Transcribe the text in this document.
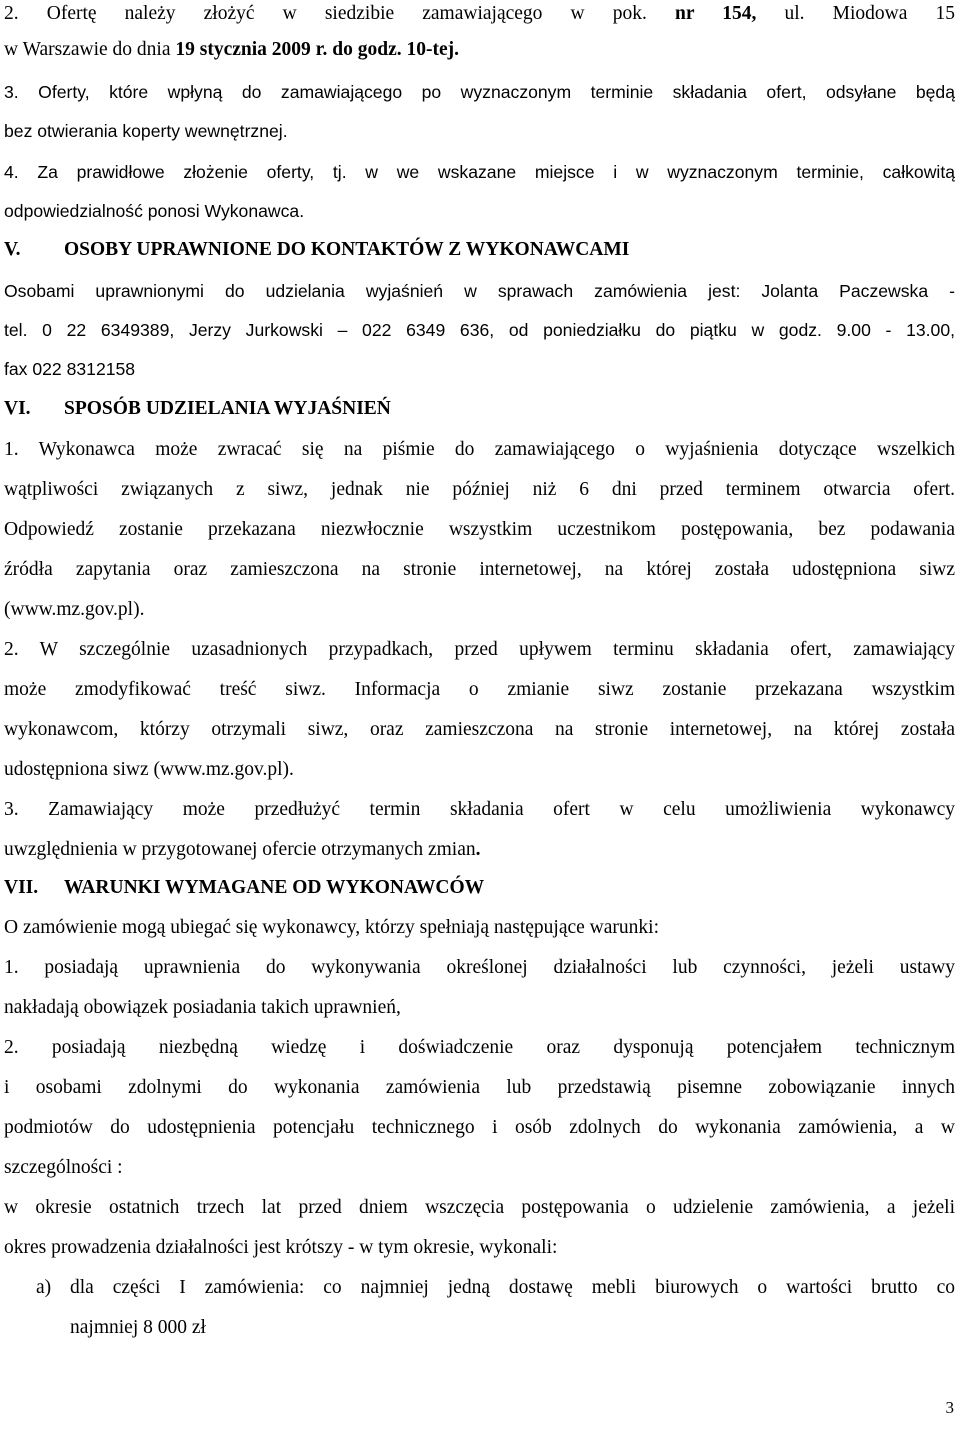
2. Ofertę należy złożyć w siedzibie zamawiającego w pok. nr 154, ul. Miodowa 15
w Warszawie do dnia 19 stycznia 2009 r. do godz. 10-tej.
3. Oferty, które wpłyną do zamawiającego po wyznaczonym terminie składania ofert, odsyłane będą
bez otwierania koperty wewnętrznej.
4. Za prawidłowe złożenie oferty, tj. w we wskazane miejsce i w wyznaczonym terminie, całkowitą
odpowiedzialność ponosi Wykonawca.
V. OSOBY UPRAWNIONE DO KONTAKTÓW Z WYKONAWCAMI
Osobami uprawnionymi do udzielania wyjaśnień w sprawach zamówienia jest: Jolanta Paczewska -
tel. 0 22 6349389, Jerzy Jurkowski – 022 6349 636, od poniedziałku do piątku w godz. 9.00 - 13.00,
fax 022 8312158
VI. SPOSÓB UDZIELANIA WYJAŚNIEŃ
1. Wykonawca może zwracać się na piśmie do zamawiającego o wyjaśnienia dotyczące wszelkich
wątpliwości związanych z siwz, jednak nie później niż 6 dni przed terminem otwarcia ofert.
Odpowiedź zostanie przekazana niezwłocznie wszystkim uczestnikom postępowania, bez podawania
źródła zapytania oraz zamieszczona na stronie internetowej, na której została udostępniona siwz
(www.mz.gov.pl).
2. W szczególnie uzasadnionych przypadkach, przed upływem terminu składania ofert, zamawiający
może zmodyfikować treść siwz. Informacja o zmianie siwz zostanie przekazana wszystkim
wykonawcom, którzy otrzymali siwz, oraz zamieszczona na stronie internetowej, na której została
udostępniona siwz (www.mz.gov.pl).
3. Zamawiający może przedłużyć termin składania ofert w celu umożliwienia wykonawcy
uwzględnienia w przygotowanej ofercie otrzymanych zmian.
VII. WARUNKI WYMAGANE OD WYKONAWCÓW
O zamówienie mogą ubiegać się wykonawcy, którzy spełniają następujące warunki:
1. posiadają uprawnienia do wykonywania określonej działalności lub czynności, jeżeli ustawy
nakładają obowiązek posiadania takich uprawnień,
2. posiadają niezbędną wiedzę i doświadczenie oraz dysponują potencjałem technicznym
i osobami zdolnymi do wykonania zamówienia lub przedstawią pisemne zobowiązanie innych
podmiotów do udostępnienia potencjału technicznego i osób zdolnych do wykonania zamówienia, a w
szczególności :
w okresie ostatnich trzech lat przed dniem wszczęcia postępowania o udzielenie zamówienia, a jeżeli
okres prowadzenia działalności jest krótszy - w tym okresie, wykonali:
a) dla części I zamówienia: co najmniej jedną dostawę mebli biurowych o wartości brutto co
najmniej 8 000 zł
3
